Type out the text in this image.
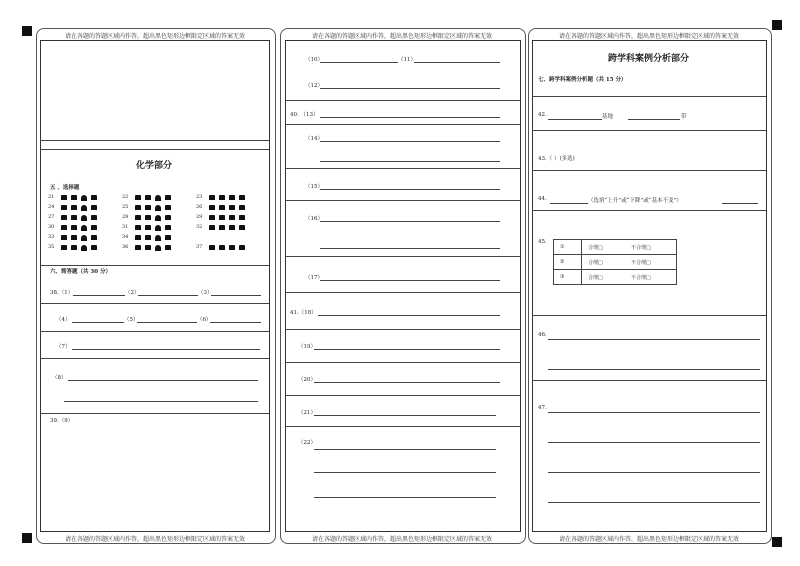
请在各题的答题区域内作答，超出黑色矩形边框限定区域的答案无效
请在各题的答题区域内作答，超出黑色矩形边框限定区域的答案无效
化学部分
五 、选择题
21	22	23
24	25	26
27	28	29
30	31	32
33	34
35	36	37
六、简答题（共 30 分）
38.（1）	（2）	（3）
（4）	（5）	（6）
（7）
（8）
39.（9）
请在各题的答题区域内作答，超出黑色矩形边框限定区域的答案无效
请在各题的答题区域内作答，超出黑色矩形边框限定区域的答案无效
（10）	（11）
（12）
40. （13）
（14）
（15）
（16）
（17）
41.（18）
（19）
（20）
（21）
（22）
请在各题的答题区域内作答，超出黑色矩形边框限定区域的答案无效
请在各题的答题区域内作答，超出黑色矩形边框限定区域的答案无效
跨学科案例分析部分
七、跨学科案例分析题（共 15 分）
42.	基地	带
43.（ ）(多选)
44.	（选填“上升”或“下降”或“基本不变”）
45.
①	合理□	不合理□
②	合理□	不合理□
③	合理□	不合理□
46.
47.
